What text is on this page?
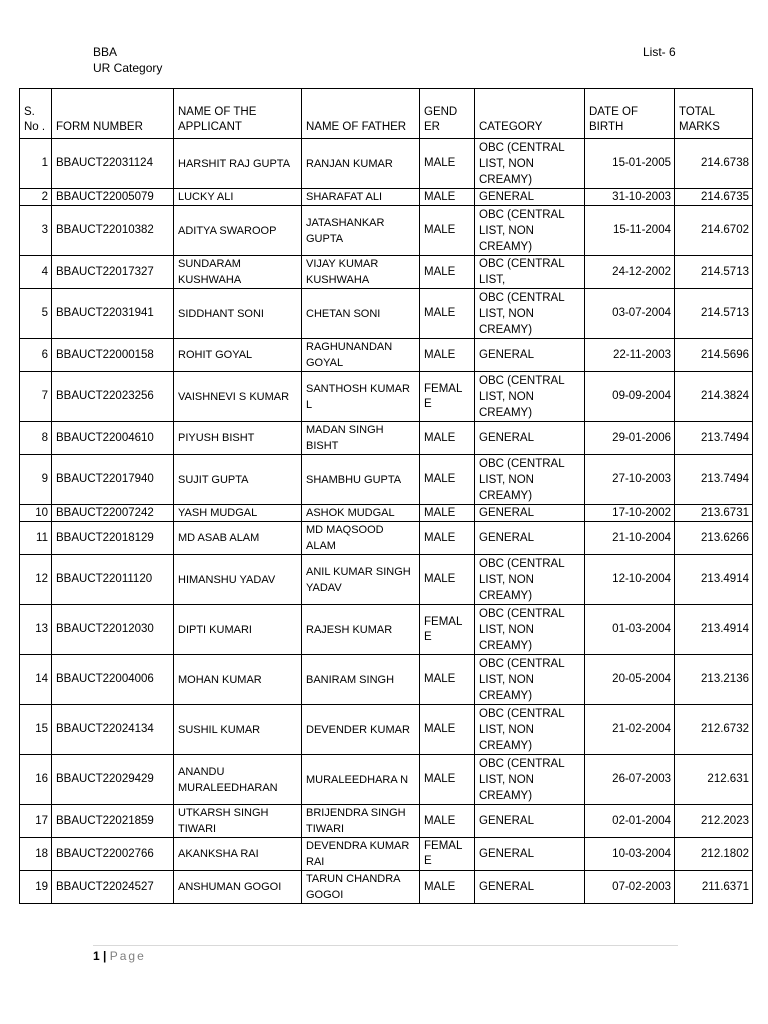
BBA
UR Category
List- 6
S. No .	FORM NUMBER	NAME OF THE APPLICANT	NAME OF FATHER	GEND ER	CATEGORY	DATE OF BIRTH	TOTAL MARKS
1	BBAUCT22031124	HARSHIT RAJ GUPTA	RANJAN KUMAR	MALE	OBC (CENTRAL LIST, NON CREAMY)	15-01-2005	214.6738
2	BBAUCT22005079	LUCKY ALI	SHARAFAT ALI	MALE	GENERAL	31-10-2003	214.6735
3	BBAUCT22010382	ADITYA SWAROOP	JATASHANKAR GUPTA	MALE	OBC (CENTRAL LIST, NON CREAMY)	15-11-2004	214.6702
4	BBAUCT22017327	SUNDARAM KUSHWAHA	VIJAY KUMAR KUSHWAHA	MALE	OBC (CENTRAL LIST,	24-12-2002	214.5713
5	BBAUCT22031941	SIDDHANT SONI	CHETAN SONI	MALE	OBC (CENTRAL LIST, NON CREAMY)	03-07-2004	214.5713
6	BBAUCT22000158	ROHIT GOYAL	RAGHUNANDAN GOYAL	MALE	GENERAL	22-11-2003	214.5696
7	BBAUCT22023256	VAISHNEVI S KUMAR	SANTHOSH KUMAR L	FEMAL E	OBC (CENTRAL LIST, NON CREAMY)	09-09-2004	214.3824
8	BBAUCT22004610	PIYUSH BISHT	MADAN SINGH BISHT	MALE	GENERAL	29-01-2006	213.7494
9	BBAUCT22017940	SUJIT GUPTA	SHAMBHU GUPTA	MALE	OBC (CENTRAL LIST, NON CREAMY)	27-10-2003	213.7494
10	BBAUCT22007242	YASH MUDGAL	ASHOK MUDGAL	MALE	GENERAL	17-10-2002	213.6731
11	BBAUCT22018129	MD ASAB ALAM	MD MAQSOOD ALAM	MALE	GENERAL	21-10-2004	213.6266
12	BBAUCT22011120	HIMANSHU YADAV	ANIL KUMAR SINGH YADAV	MALE	OBC (CENTRAL LIST, NON CREAMY)	12-10-2004	213.4914
13	BBAUCT22012030	DIPTI KUMARI	RAJESH KUMAR	FEMAL E	OBC (CENTRAL LIST, NON CREAMY)	01-03-2004	213.4914
14	BBAUCT22004006	MOHAN KUMAR	BANIRAM SINGH	MALE	OBC (CENTRAL LIST, NON CREAMY)	20-05-2004	213.2136
15	BBAUCT22024134	SUSHIL KUMAR	DEVENDER KUMAR	MALE	OBC (CENTRAL LIST, NON CREAMY)	21-02-2004	212.6732
16	BBAUCT22029429	ANANDU MURALEEDHARAN	MURALEEDHARA N	MALE	OBC (CENTRAL LIST, NON CREAMY)	26-07-2003	212.631
17	BBAUCT22021859	UTKARSH SINGH TIWARI	BRIJENDRA SINGH TIWARI	MALE	GENERAL	02-01-2004	212.2023
18	BBAUCT22002766	AKANKSHA RAI	DEVENDRA KUMAR RAI	FEMAL E	GENERAL	10-03-2004	212.1802
19	BBAUCT22024527	ANSHUMAN GOGOI	TARUN CHANDRA GOGOI	MALE	GENERAL	07-02-2003	211.6371
1 | Page
